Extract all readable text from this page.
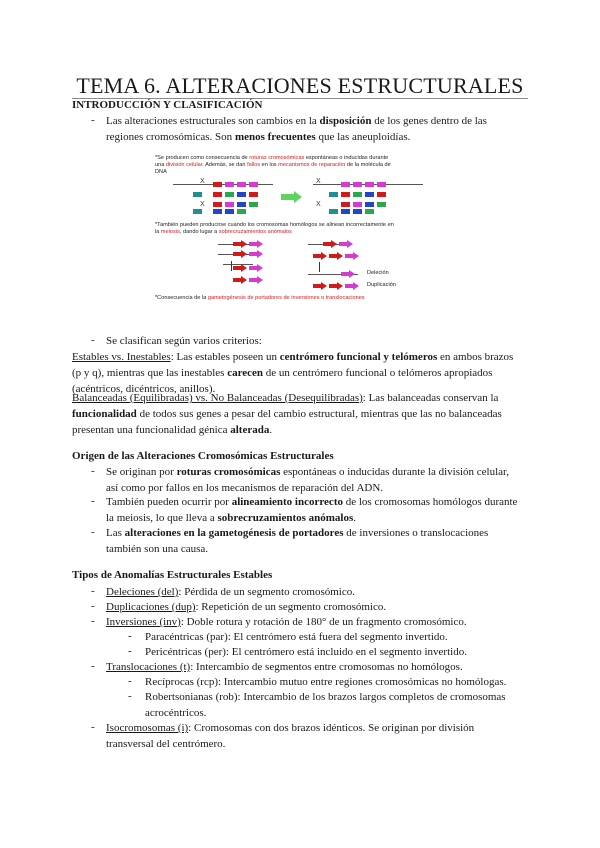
TEMA 6. ALTERACIONES ESTRUCTURALES
INTRODUCCIÓN Y CLASIFICACIÓN
- Las alteraciones estructurales son cambios en la disposición de los genes dentro de las
regiones cromosómicas. Son menos frecuentes que las aneuploidías.
*Se producen como consecuencia de roturas cromosómicas espontáneas o inducidas durante
una división celular. Además, se dan fallos en los mecanismos de reparación de la molécula de
DNA
X
X
X
X
*También pueden producirse cuando los cromosomas homólogos se alinean incorrectamente en
la meiosis, dando lugar a sobrecruzamientos anómalos
Deleción
Duplicación
*Consecuencia de la gametogénesis de portadores de inversiones o translocaciones
- Se clasifican según varios criterios:
Estables vs. Inestables: Las estables poseen un centrómero funcional y telómeros en ambos brazos
(p y q), mientras que las inestables carecen de un centrómero funcional o telómeros apropiados
(acéntricos, dicéntricos, anillos).
Balanceadas (Equilibradas) vs. No Balanceadas (Desequilibradas): Las balanceadas conservan la
funcionalidad de todos sus genes a pesar del cambio estructural, mientras que las no balanceadas
presentan una funcionalidad génica alterada.
Origen de las Alteraciones Cromosómicas Estructurales
- Se originan por roturas cromosómicas espontáneas o inducidas durante la división celular,
así como por fallos en los mecanismos de reparación del ADN.
- También pueden ocurrir por alineamiento incorrecto de los cromosomas homólogos durante
la meiosis, lo que lleva a sobrecruzamientos anómalos.
- Las alteraciones en la gametogénesis de portadores de inversiones o translocaciones
también son una causa.
Tipos de Anomalías Estructurales Estables
- Deleciones (del): Pérdida de un segmento cromosómico.
- Duplicaciones (dup): Repetición de un segmento cromosómico.
- Inversiones (inv): Doble rotura y rotación de 180° de un fragmento cromosómico.
- Paracéntricas (par): El centrómero está fuera del segmento invertido.
- Pericéntricas (per): El centrómero está incluido en el segmento invertido.
- Translocaciones (t): Intercambio de segmentos entre cromosomas no homólogos.
- Recíprocas (rcp): Intercambio mutuo entre regiones cromosómicas no homólogas.
- Robertsonianas (rob): Intercambio de los brazos largos completos de cromosomas
acrocéntricos.
- Isocromosomas (i): Cromosomas con dos brazos idénticos. Se originan por división
transversal del centrómero.
